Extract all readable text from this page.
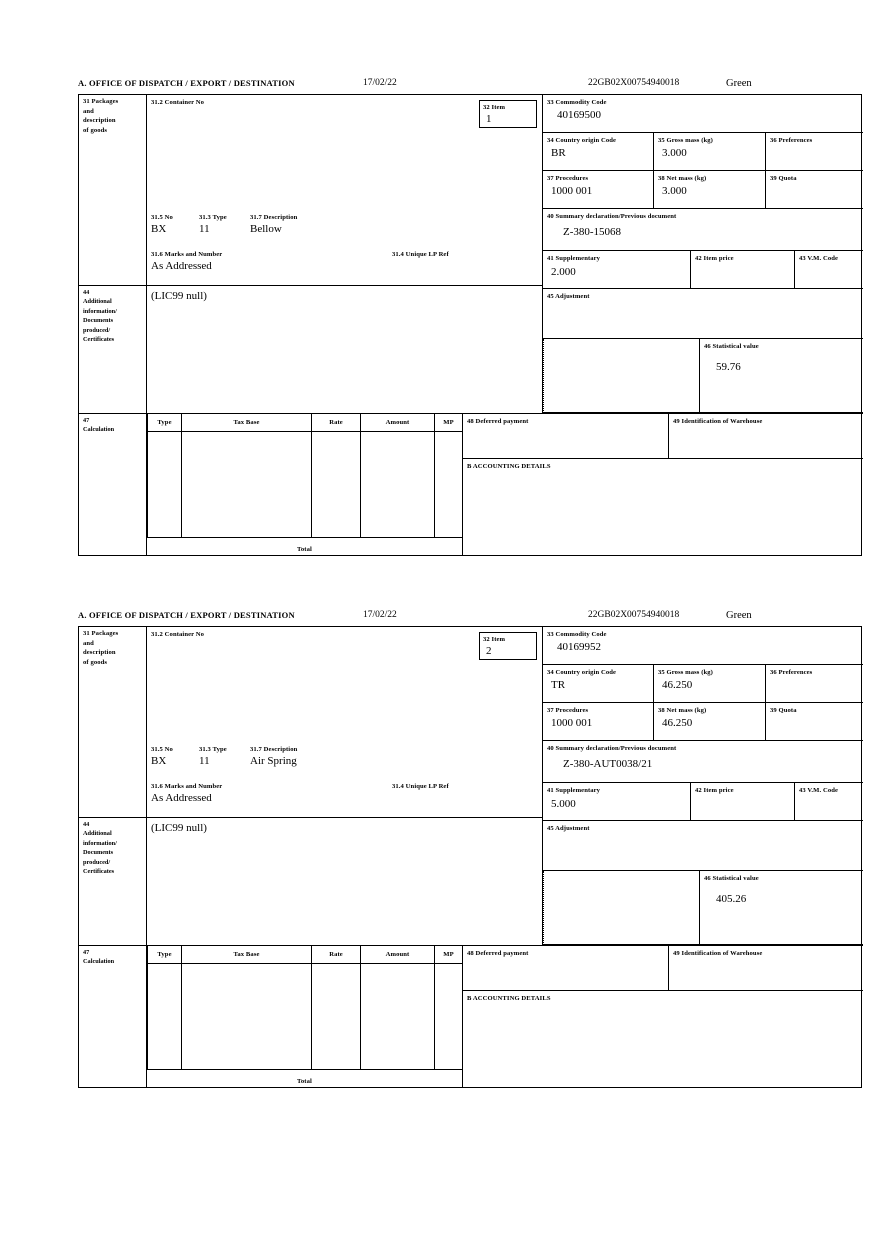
A. OFFICE OF DISPATCH / EXPORT / DESTINATION	17/02/22	22GB02X00754940018	Green
31 Packages
and
description
of goods
31.2 Container No
31.5 No	31.3 Type	31.7 Description
BX	11	Bellow
31.6 Marks and Number	31.4 Unique LP Ref
As Addressed
32 Item
1
33 Commodity Code
40169500
34 Country origin Code
BR
35 Gross mass (kg)
3.000
36 Preferences
37 Procedures
1000 001
38 Net mass (kg)
3.000
39 Quota
40 Summary declaration/Previous document
Z-380-15068
41 Supplementary
2.000
42 Item price	43 V.M. Code
44
Additional
information/
Documents
produced/
Certificates
(LIC99 null)	45 Adjustment
46 Statistical value
59.76
47
Calculation
Type	Tax Base	Rate	Amount	MP
Total
48 Deferred payment	49 Identification of Warehouse
B ACCOUNTING DETAILS
A. OFFICE OF DISPATCH / EXPORT / DESTINATION	17/02/22	22GB02X00754940018	Green
31 Packages
and
description
of goods
31.2 Container No
31.5 No	31.3 Type	31.7 Description
BX	11	Air Spring
31.6 Marks and Number	31.4 Unique LP Ref
As Addressed
32 Item
2
33 Commodity Code
40169952
34 Country origin Code
TR
35 Gross mass (kg)
46.250
36 Preferences
37 Procedures
1000 001
38 Net mass (kg)
46.250
39 Quota
40 Summary declaration/Previous document
Z-380-AUT0038/21
41 Supplementary
5.000
42 Item price	43 V.M. Code
44
Additional
information/
Documents
produced/
Certificates
(LIC99 null)	45 Adjustment
46 Statistical value
405.26
47
Calculation
Type	Tax Base	Rate	Amount	MP
Total
48 Deferred payment	49 Identification of Warehouse
B ACCOUNTING DETAILS
